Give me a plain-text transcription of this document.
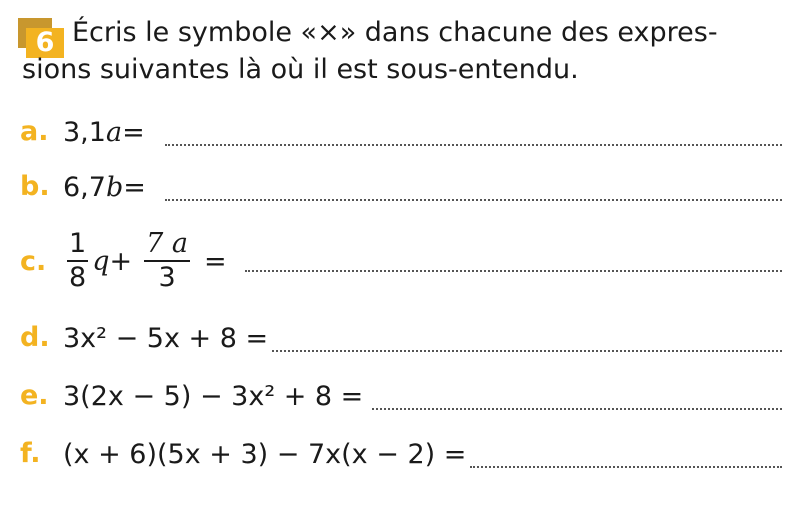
6 Écris le symbole «×» dans chacune des expres-
sions suivantes là où il est sous-entendu.
a. 3,1 a =
b. 6,7 b =
c. $\frac{1}{8}$ $q + \frac{7 a}{3}$ =
d. 3x² − 5x + 8 =
e. 3(2x − 5) − 3x² + 8 =
f. (x + 6)(5x + 3) − 7x(x − 2) =
